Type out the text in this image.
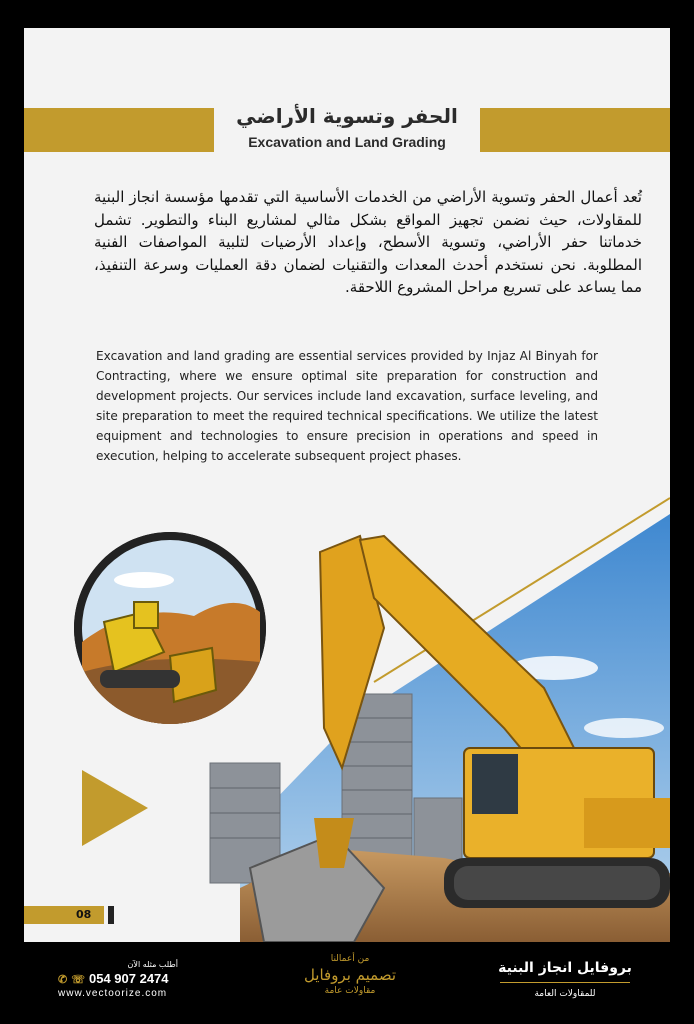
الحفر وتسوية الأراضي
Excavation and Land Grading
تُعد أعمال الحفر وتسوية الأراضي من الخدمات الأساسية التي تقدمها مؤسسة انجاز البنية للمقاولات، حيث نضمن تجهيز المواقع بشكل مثالي لمشاريع البناء والتطوير. تشمل خدماتنا حفر الأراضي، وتسوية الأسطح، وإعداد الأرضيات لتلبية المواصفات الفنية المطلوبة. نحن نستخدم أحدث المعدات والتقنيات لضمان دقة العمليات وسرعة التنفيذ، مما يساعد على تسريع مراحل المشروع اللاحقة.
Excavation and land grading are essential services provided by Injaz Al Binyah for Contracting, where we ensure optimal site preparation for construction and development projects. Our services include land excavation, surface leveling, and site preparation to meet the required technical specifications. We utilize the latest equipment and technologies to ensure precision in operations and speed in execution, helping to accelerate subsequent project phases.
08
أطلب مثله الآن
✆ ☏ 054 907 2474
www.vectoorize.com
من أعمالنا
تصميم بروفايل
مقاولات عامة
بروفايل انجاز البنية
للمقاولات العامة
